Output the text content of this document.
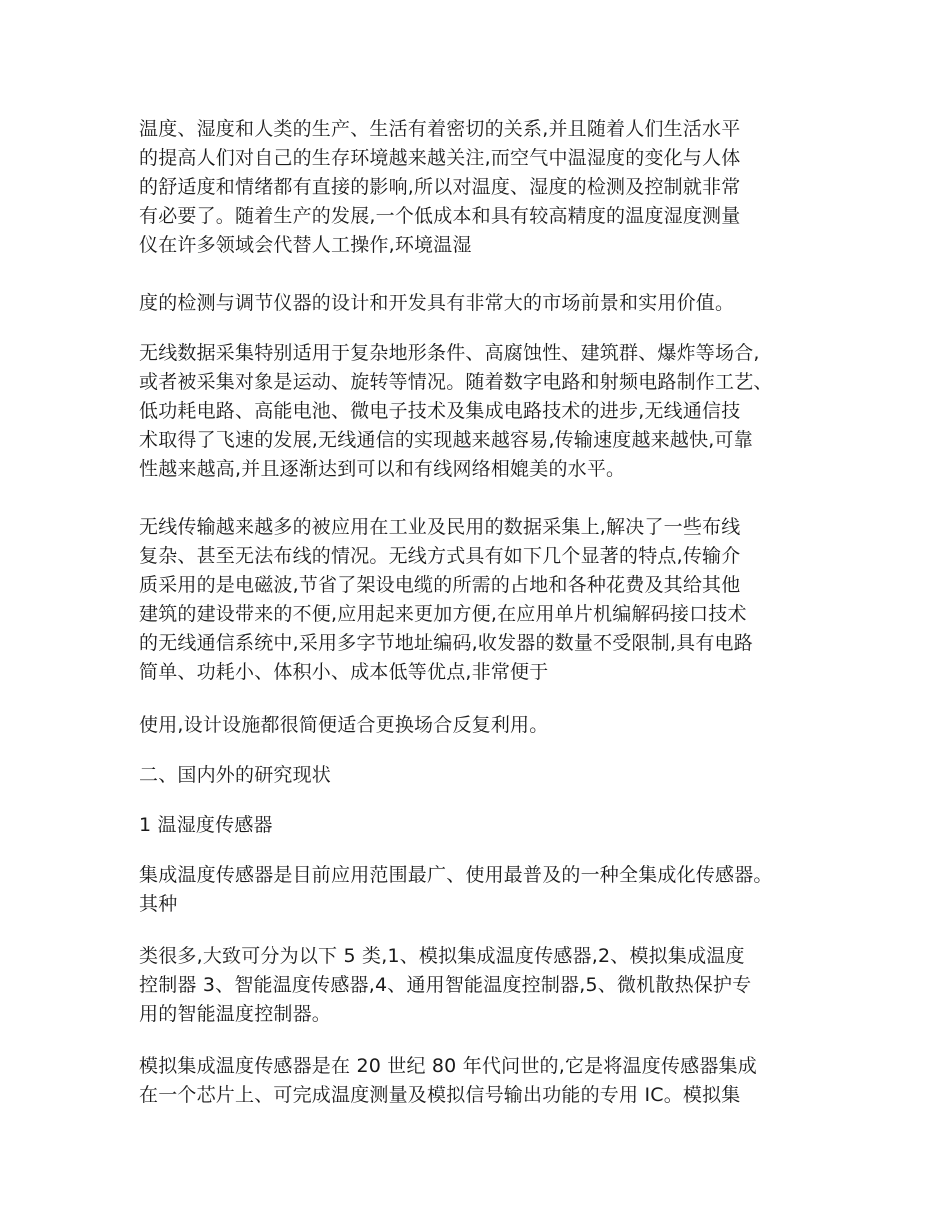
温度、湿度和人类的生产、生活有着密切的关系,并且随着人们生活水平
的提高人们对自己的生存环境越来越关注,而空气中温湿度的变化与人体
的舒适度和情绪都有直接的影响,所以对温度、湿度的检测及控制就非常
有必要了。随着生产的发展,一个低成本和具有较高精度的温度湿度测量
仪在许多领域会代替人工操作,环境温湿
度的检测与调节仪器的设计和开发具有非常大的市场前景和实用价值。
无线数据采集特别适用于复杂地形条件、高腐蚀性、建筑群、爆炸等场合,
或者被采集对象是运动、旋转等情况。随着数字电路和射频电路制作工艺、
低功耗电路、高能电池、微电子技术及集成电路技术的进步,无线通信技
术取得了飞速的发展,无线通信的实现越来越容易,传输速度越来越快,可靠
性越来越高,并且逐渐达到可以和有线网络相媲美的水平。
无线传输越来越多的被应用在工业及民用的数据采集上,解决了一些布线
复杂、甚至无法布线的情况。无线方式具有如下几个显著的特点,传输介
质采用的是电磁波,节省了架设电缆的所需的占地和各种花费及其给其他
建筑的建设带来的不便,应用起来更加方便,在应用单片机编解码接口技术
的无线通信系统中,采用多字节地址编码,收发器的数量不受限制,具有电路
简单、功耗小、体积小、成本低等优点,非常便于
使用,设计设施都很简便适合更换场合反复利用。
二、国内外的研究现状
1 温湿度传感器
集成温度传感器是目前应用范围最广、使用最普及的一种全集成化传感器。
其种
类很多,大致可分为以下 5 类,1、模拟集成温度传感器,2、模拟集成温度
控制器 3、智能温度传感器,4、通用智能温度控制器,5、微机散热保护专
用的智能温度控制器。
模拟集成温度传感器是在 20 世纪 80 年代问世的,它是将温度传感器集成
在一个芯片上、可完成温度测量及模拟信号输出功能的专用 IC。模拟集
